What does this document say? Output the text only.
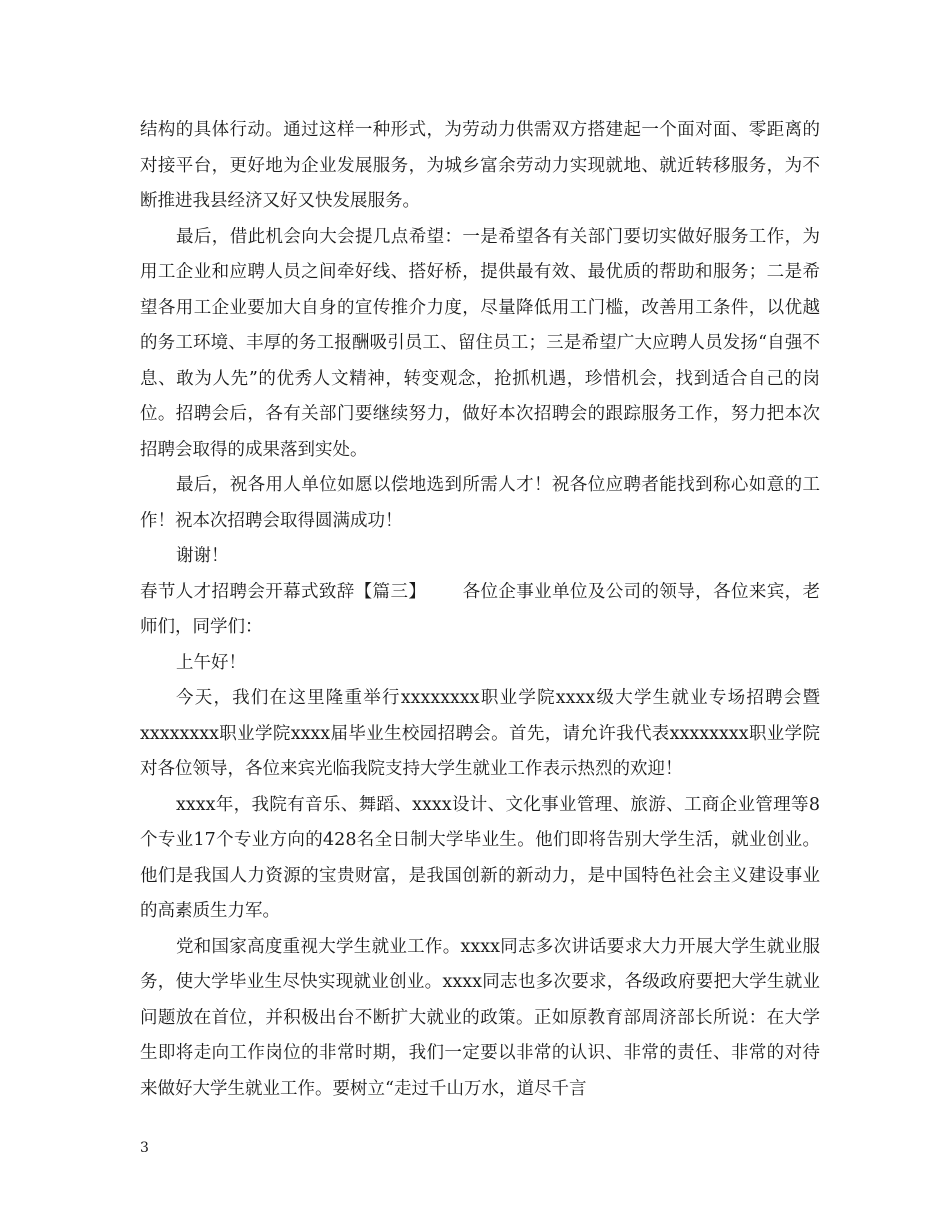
结构的具体行动。通过这样一种形式，为劳动力供需双方搭建起一个面对面、零距离的对接平台，更好地为企业发展服务，为城乡富余劳动力实现就地、就近转移服务，为不断推进我县经济又好又快发展服务。

最后，借此机会向大会提几点希望：一是希望各有关部门要切实做好服务工作，为用工企业和应聘人员之间牵好线、搭好桥，提供最有效、最优质的帮助和服务；二是希望各用工企业要加大自身的宣传推介力度，尽量降低用工门槛，改善用工条件，以优越的务工环境、丰厚的务工报酬吸引员工、留住员工；三是希望广大应聘人员发扬“自强不息、敢为人先”的优秀人文精神，转变观念，抢抓机遇，珍惜机会，找到适合自己的岗位。招聘会后，各有关部门要继续努力，做好本次招聘会的跟踪服务工作，努力把本次招聘会取得的成果落到实处。

最后，祝各用人单位如愿以偿地选到所需人才！祝各位应聘者能找到称心如意的工作！祝本次招聘会取得圆满成功！

谢谢！

春节人才招聘会开幕式致辞【篇三】 各位企事业单位及公司的领导，各位来宾，老师们，同学们：

上午好！

今天，我们在这里隆重举行xxxxxxxx职业学院xxxx级大学生就业专场招聘会暨xxxxxxxx职业学院xxxx届毕业生校园招聘会。首先，请允许我代表xxxxxxxx职业学院对各位领导，各位来宾光临我院支持大学生就业工作表示热烈的欢迎！

xxxx年，我院有音乐、舞蹈、xxxx设计、文化事业管理、旅游、工商企业管理等8个专业17个专业方向的428名全日制大学毕业生。他们即将告别大学生活，就业创业。他们是我国人力资源的宝贵财富，是我国创新的新动力，是中国特色社会主义建设事业的高素质生力军。

党和国家高度重视大学生就业工作。xxxx同志多次讲话要求大力开展大学生就业服务，使大学毕业生尽快实现就业创业。xxxx同志也多次要求，各级政府要把大学生就业问题放在首位，并积极出台不断扩大就业的政策。正如原教育部周济部长所说：在大学生即将走向工作岗位的非常时期，我们一定要以非常的认识、非常的责任、非常的对待来做好大学生就业工作。要树立“走过千山万水，道尽千言

3
